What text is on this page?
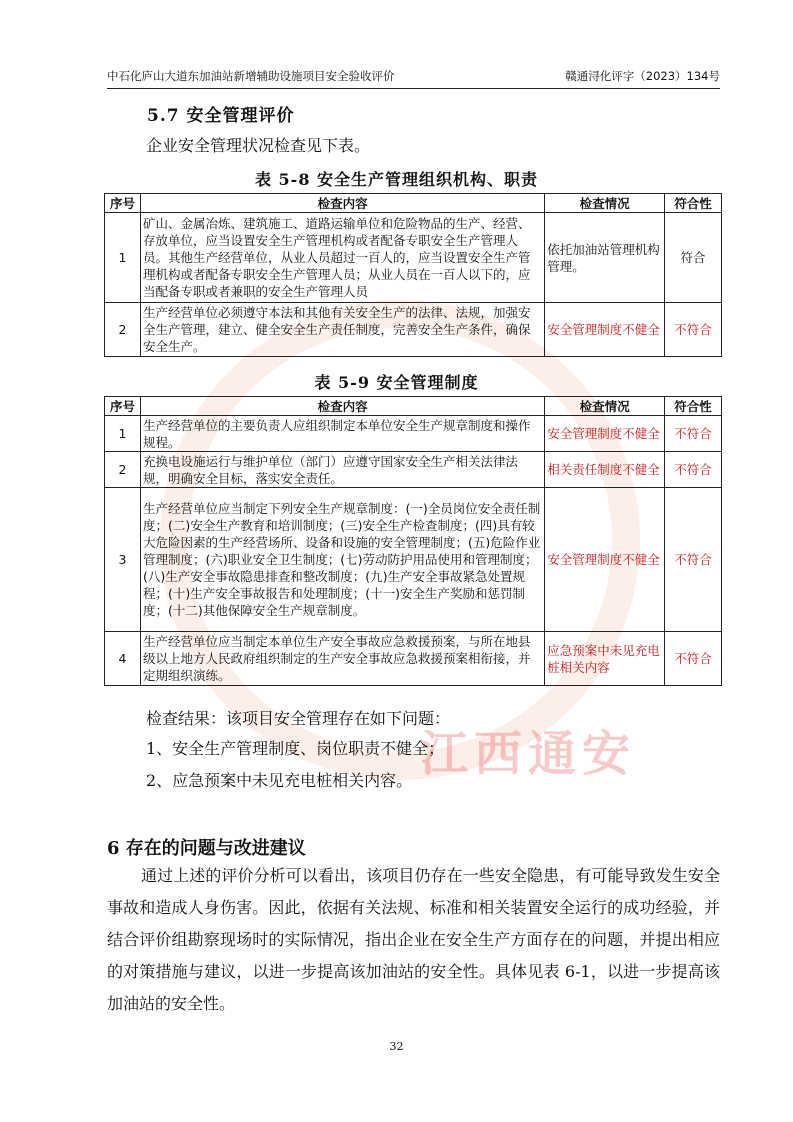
中石化庐山大道东加油站新增辅助设施项目安全验收评价	赣通浔化评字（2023）134号
江西通安
5.7 安全管理评价
企业安全管理状况检查见下表。
表 5-8 安全生产管理组织机构、职责
序号	检查内容	检查情况	符合性
1	矿山、金属冶炼、建筑施工、道路运输单位和危险物品的生产、经营、存放单位，应当设置安全生产管理机构或者配备专职安全生产管理人员。其他生产经营单位，从业人员超过一百人的，应当设置安全生产管理机构或者配备专职安全生产管理人员；从业人员在一百人以下的，应当配备专职或者兼职的安全生产管理人员	依托加油站管理机构管理。	符合
2	生产经营单位必须遵守本法和其他有关安全生产的法律、法规，加强安全生产管理，建立、健全安全生产责任制度，完善安全生产条件，确保安全生产。	安全管理制度不健全	不符合
表 5-9 安全管理制度
序号	检查内容	检查情况	符合性
1	生产经营单位的主要负责人应组织制定本单位安全生产规章制度和操作规程。	安全管理制度不健全	不符合
2	充换电设施运行与维护单位（部门）应遵守国家安全生产相关法律法规，明确安全目标，落实安全责任。	相关责任制度不健全	不符合
3	生产经营单位应当制定下列安全生产规章制度：(一)全员岗位安全责任制度；(二)安全生产教育和培训制度；(三)安全生产检查制度；(四)具有较大危险因素的生产经营场所、设备和设施的安全管理制度；(五)危险作业管理制度；(六)职业安全卫生制度；(七)劳动防护用品使用和管理制度；(八)生产安全事故隐患排查和整改制度；(九)生产安全事故紧急处置规程；(十)生产安全事故报告和处理制度；(十一)安全生产奖励和惩罚制度；(十二)其他保障安全生产规章制度。	安全管理制度不健全	不符合
4	生产经营单位应当制定本单位生产安全事故应急救援预案，与所在地县级以上地方人民政府组织制定的生产安全事故应急救援预案相衔接，并定期组织演练。	应急预案中未见充电桩相关内容	不符合
检查结果：该项目安全管理存在如下问题：
1、安全生产管理制度、岗位职责不健全；
2、应急预案中未见充电桩相关内容。
6 存在的问题与改进建议
通过上述的评价分析可以看出，该项目仍存在一些安全隐患，有可能导致发生安全事故和造成人身伤害。因此，依据有关法规、标准和相关装置安全运行的成功经验，并结合评价组勘察现场时的实际情况，指出企业在安全生产方面存在的问题，并提出相应的对策措施与建议，以进一步提高该加油站的安全性。具体见表 6-1，以进一步提高该加油站的安全性。
32
